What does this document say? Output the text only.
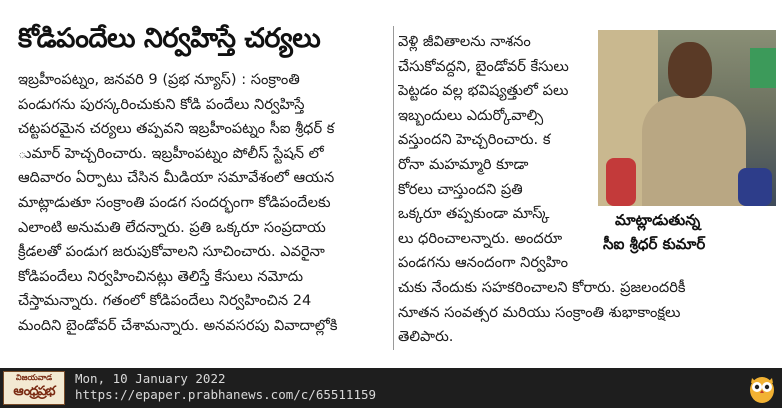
కోడిపందేలు నిర్వహిస్తే చర్యలు
ఇబ్రహీంపట్నం, జనవరి 9 (ప్రభ న్యూస్) : సంక్రాంతి
పండుగను పురస్కరించుకుని కోడి పందేలు నిర్వహిస్తే
చట్టపరమైన చర్యలు తప్పవని ఇబ్రహీంపట్నం సీఐ శ్రీధర్ క
ుమార్ హెచ్చరించారు. ఇబ్రహీంపట్నం పోలీస్ స్టేషన్ లో
ఆదివారం ఏర్పాటు చేసిన మీడియా సమావేశంలో ఆయన
మాట్లాడుతూ సంక్రాంతి పండగ సందర్భంగా కోడిపందేలకు
ఎలాంటి అనుమతి లేదన్నారు. ప్రతి ఒక్కరూ సంప్రదాయ
క్రీడలతో పండుగ జరుపుకోవాలని సూచించారు. ఎవరైనా
కోడిపందేలు నిర్వహించినట్లు తెలిస్తే కేసులు నమోదు
చేస్తామన్నారు. గతంలో కోడిపందేలు నిర్వహించిన 24
మందిని బైండోవర్ చేశామన్నారు. అనవసరపు వివాదాల్లోకి
వెళ్లి జీవితాలను నాశనం
చేసుకోవద్దని, బైండోవర్ కేసులు
పెట్టడం వల్ల భవిష్యత్తులో పలు
ఇబ్బందులు ఎదుర్కోవాల్సి
వస్తుందని హెచ్చరించారు. క
రోనా మహమ్మారి కూడా
కోరలు చాస్తుందని ప్రతి
ఒక్కరూ తప్పకుండా మాస్క్
లు ధరించాలన్నారు. అందరూ
పండగను ఆనందంగా నిర్వహిం
మాట్లాడుతున్న
సీఐ శ్రీధర్ కుమార్
చుకు నేందుకు సహకరించాలని కోరారు. ప్రజలందరికీ
నూతన సంవత్సర మరియు సంక్రాంతి శుభాకాంక్షలు
తెలిపారు.
విజయవాడ
ఆంధ్రప్రభ
Mon, 10 January 2022
https://epaper.prabhanews.com/c/65511159
